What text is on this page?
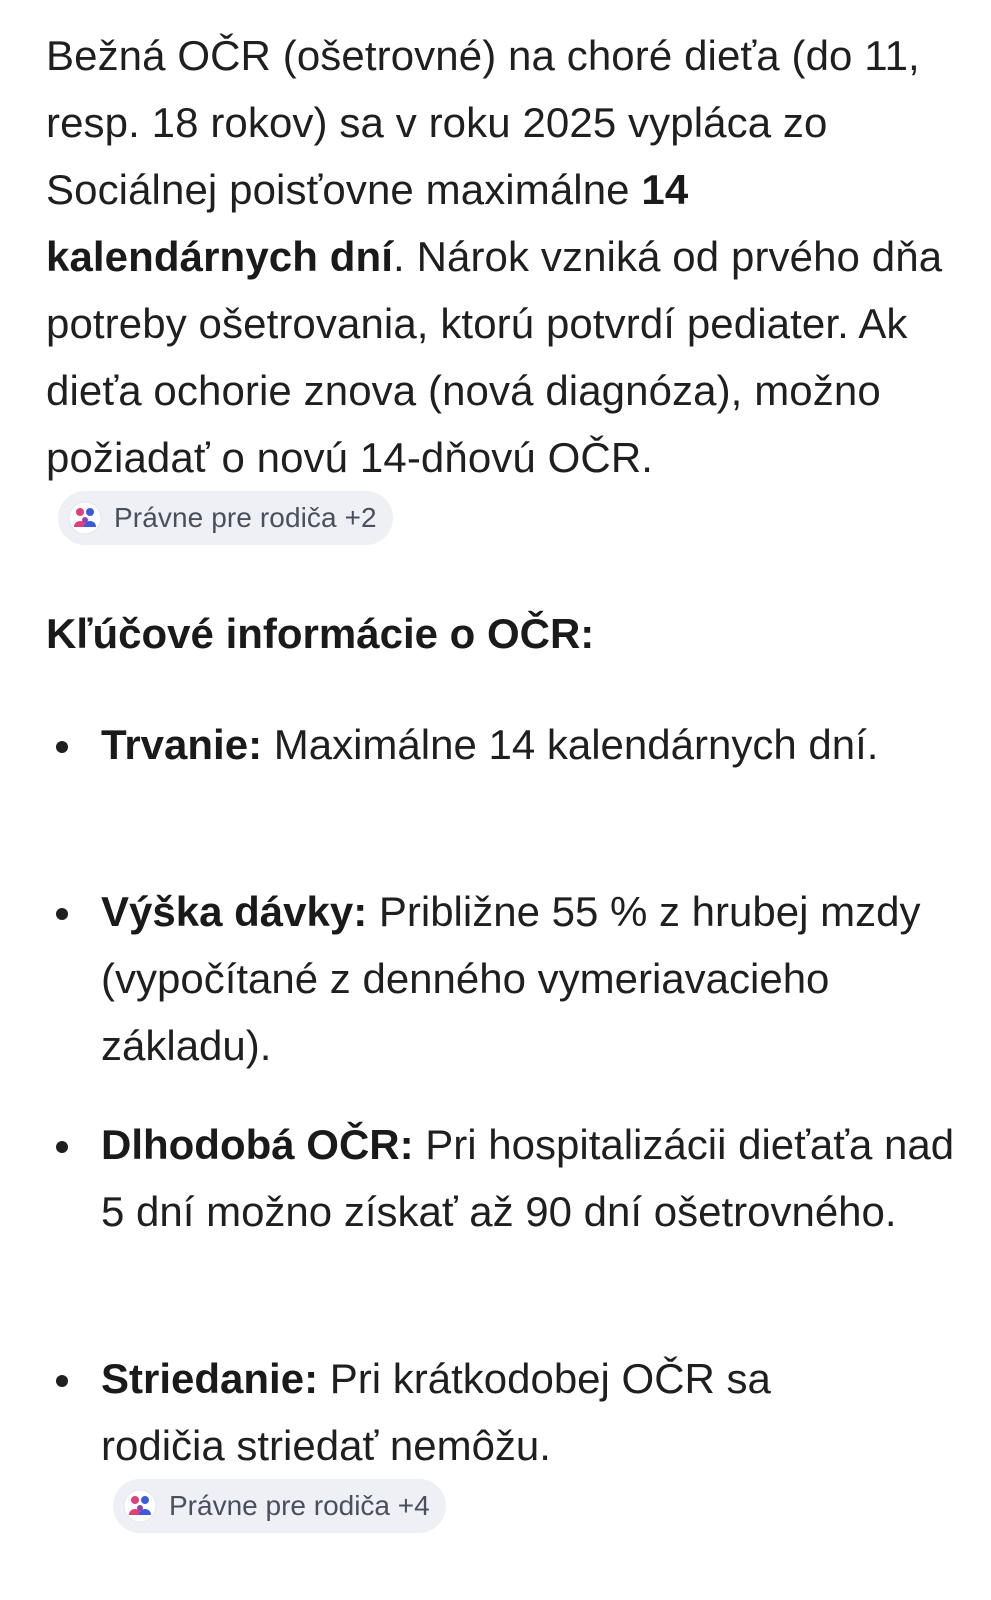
Bežná OČR (ošetrovné) na choré dieťa (do 11, resp. 18 rokov) sa v roku 2025 vypláca zo Sociálnej poisťovne maximálne 14 kalendárnych dní. Nárok vzniká od prvého dňa potreby ošetrovania, ktorú potvrdí pediater. Ak dieťa ochorie znova (nová diagnóza), možno požiadať o novú 14-dňovú OČR.
Právne pre rodiča +2
Kľúčové informácie o OČR:
Trvanie: Maximálne 14 kalendárnych dní.
Výška dávky: Približne 55 % z hrubej mzdy (vypočítané z denného vymeriavacieho základu).
Dlhodobá OČR: Pri hospitalizácii dieťaťa nad 5 dní možno získať až 90 dní ošetrovného.
Striedanie: Pri krátkodobej OČR sa rodičia striedať nemôžu.
Právne pre rodiča +4
